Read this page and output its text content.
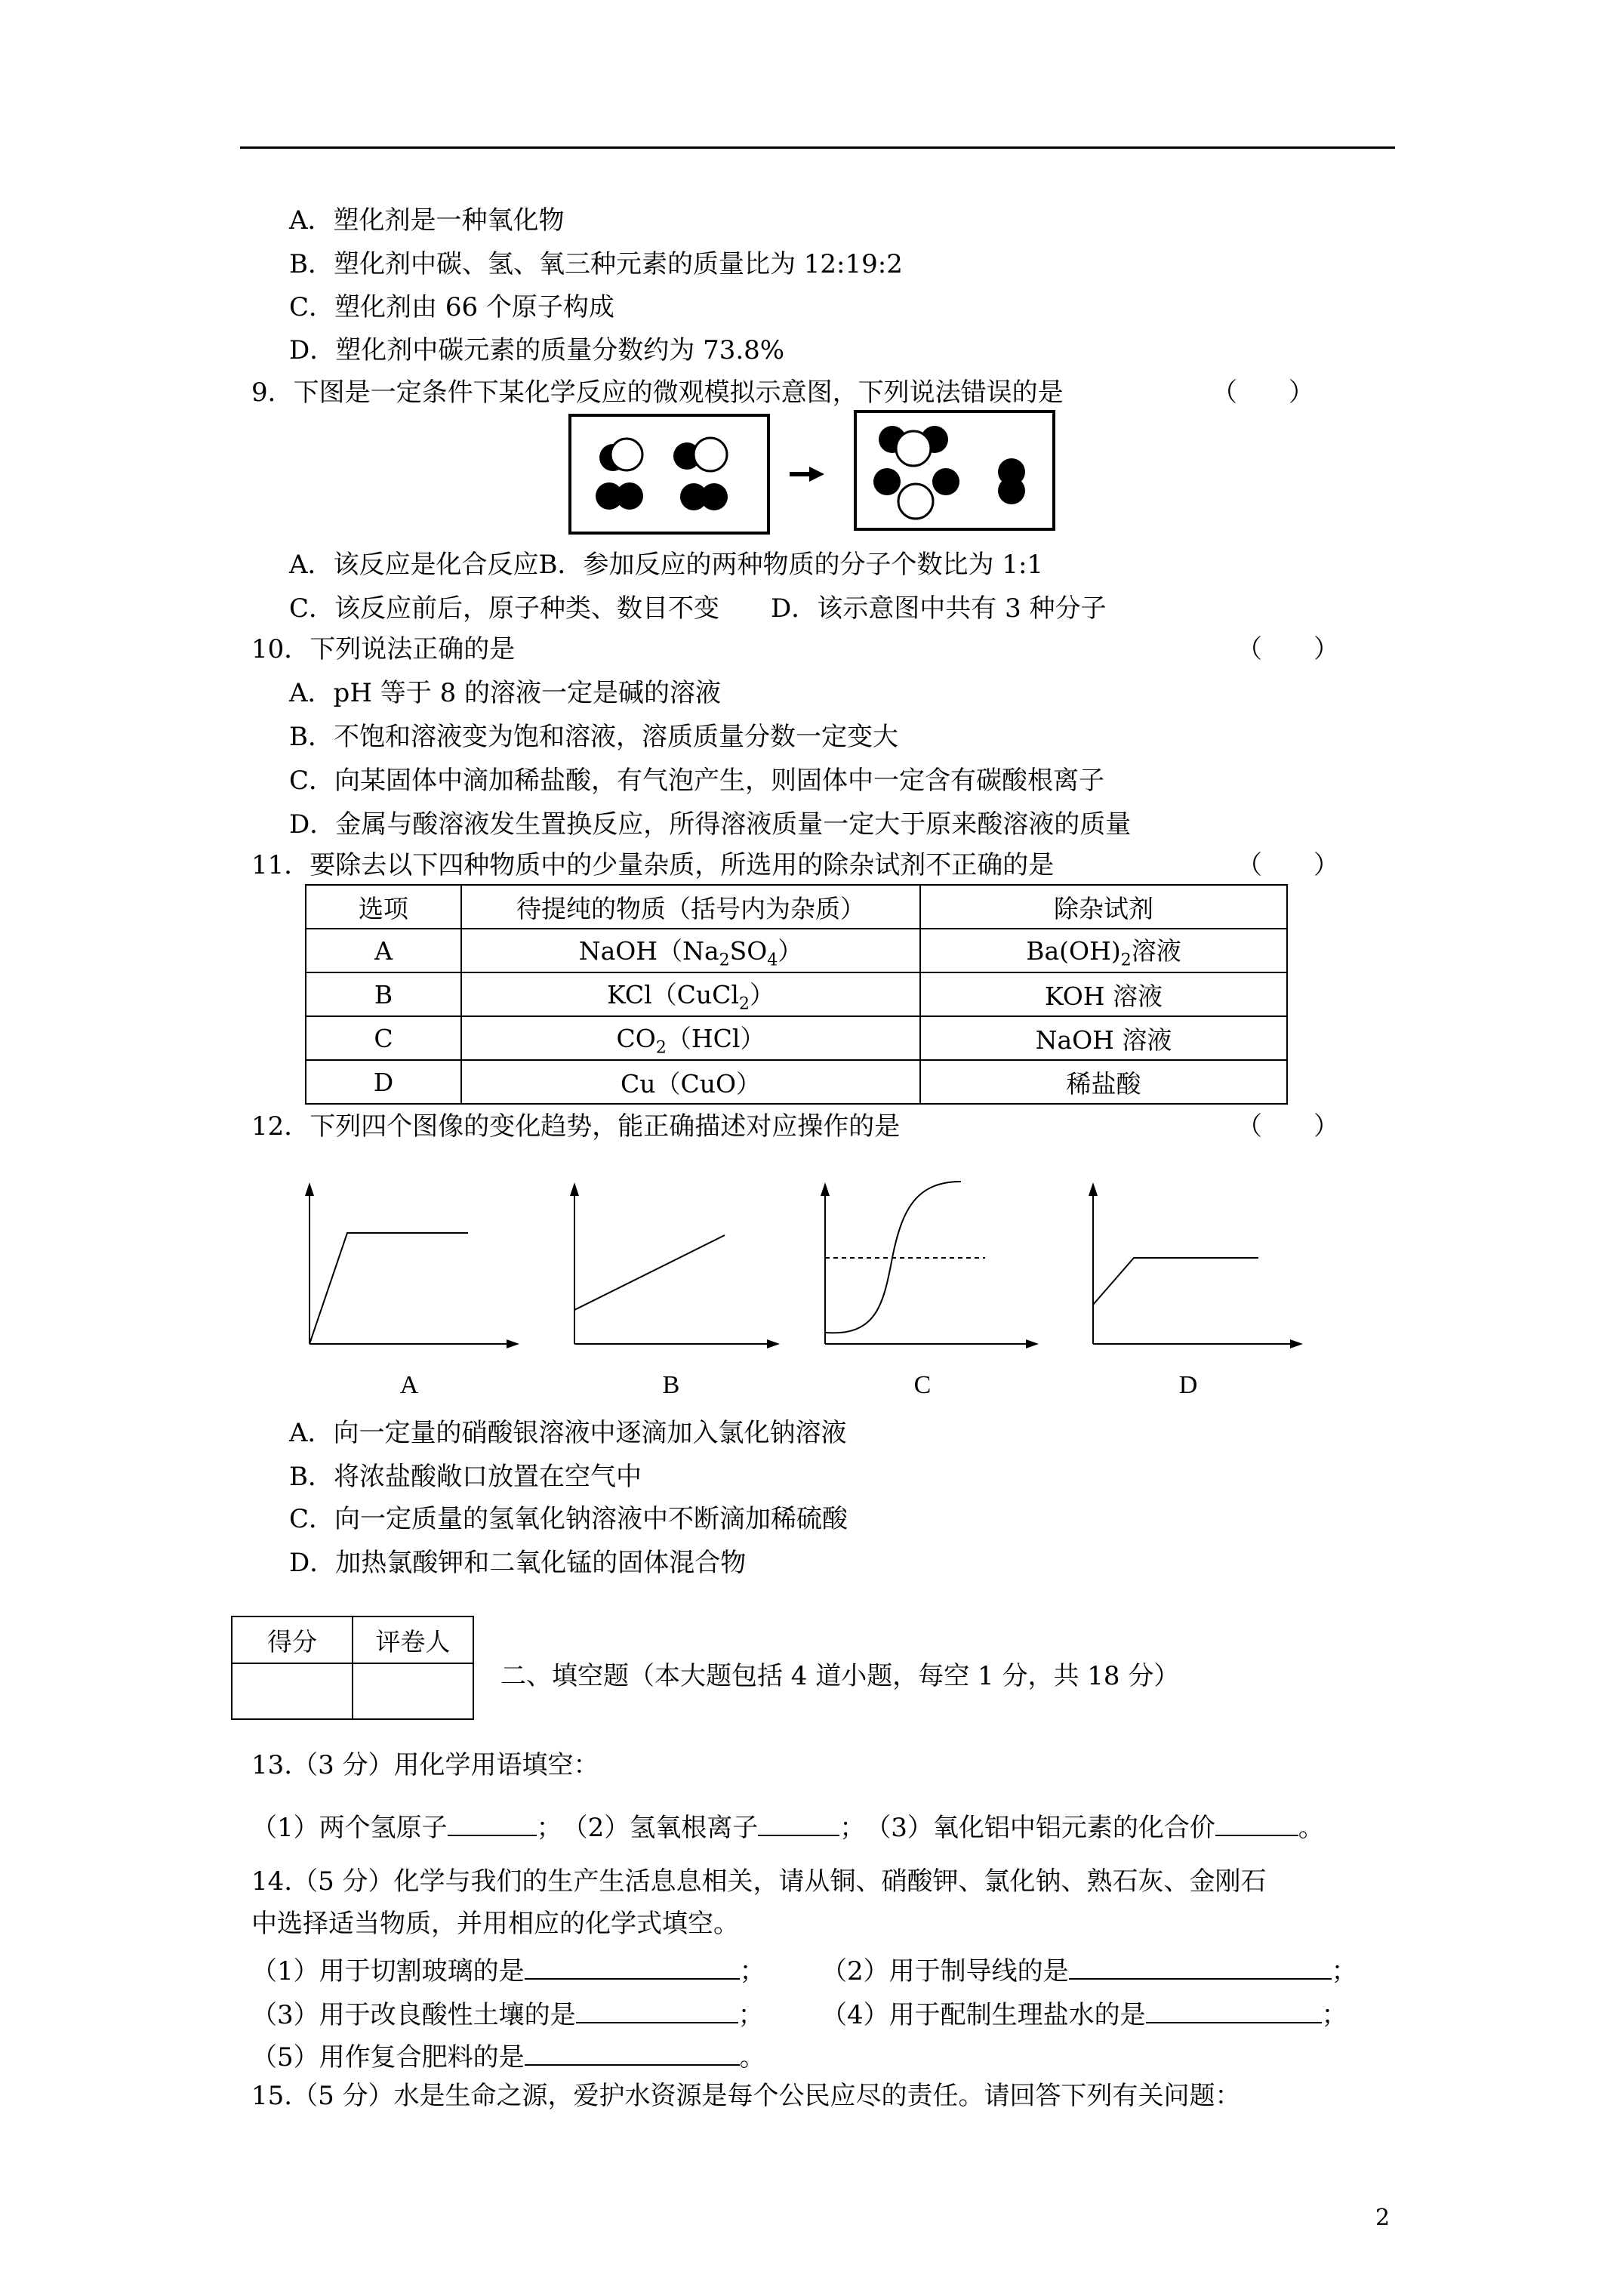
A．塑化剂是一种氧化物
B．塑化剂中碳、氢、氧三种元素的质量比为 12:19:2
C．塑化剂由 66 个原子构成
D．塑化剂中碳元素的质量分数约为 73.8%
9．下图是一定条件下某化学反应的微观模拟示意图，下列说法错误的是	（　　）
A．该反应是化合反应B．参加反应的两种物质的分子个数比为 1:1
C．该反应前后，原子种类、数目不变　　D．该示意图中共有 3 种分子
10．下列说法正确的是	（　　）
A．pH 等于 8 的溶液一定是碱的溶液
B．不饱和溶液变为饱和溶液，溶质质量分数一定变大
C．向某固体中滴加稀盐酸，有气泡产生，则固体中一定含有碳酸根离子
D．金属与酸溶液发生置换反应，所得溶液质量一定大于原来酸溶液的质量
11．要除去以下四种物质中的少量杂质，所选用的除杂试剂不正确的是	（　　）
选项	待提纯的物质（括号内为杂质）	除杂试剂
A	$NaOH(Na_2SO_4)$	$Ba(OH)_2$溶液
B	KCl（CuCl$_2$）	KOH 溶液
C	$CO_2(HCl)$	NaOH 溶液
D	Cu（CuO）	稀盐酸
12．下列四个图像的变化趋势，能正确描述对应操作的是	（　　）
A	B	C	D
A．向一定量的硝酸银溶液中逐滴加入氯化钠溶液
B．将浓盐酸敞口放置在空气中
C．向一定质量的氢氧化钠溶液中不断滴加稀硫酸
D．加热氯酸钾和二氧化锰的固体混合物
得分	评卷人

二、填空题（本大题包括 4 道小题，每空 1 分，共 18 分）
13.（3 分）用化学用语填空：
（1）两个氢原子	；　（2）氢氧根离子	；　（3）氧化铝中铝元素的化合价	。
14.（5 分）化学与我们的生产生活息息相关，请从铜、硝酸钾、氯化钠、熟石灰、金刚石
中选择适当物质，并用相应的化学式填空。
（1）用于切割玻璃的是	； （2）用于制导线的是	；
（3）用于改良酸性土壤的是	； （4）用于配制生理盐水的是	；
（5）用作复合肥料的是	。
15.（5 分）水是生命之源，爱护水资源是每个公民应尽的责任。请回答下列有关问题：
2
